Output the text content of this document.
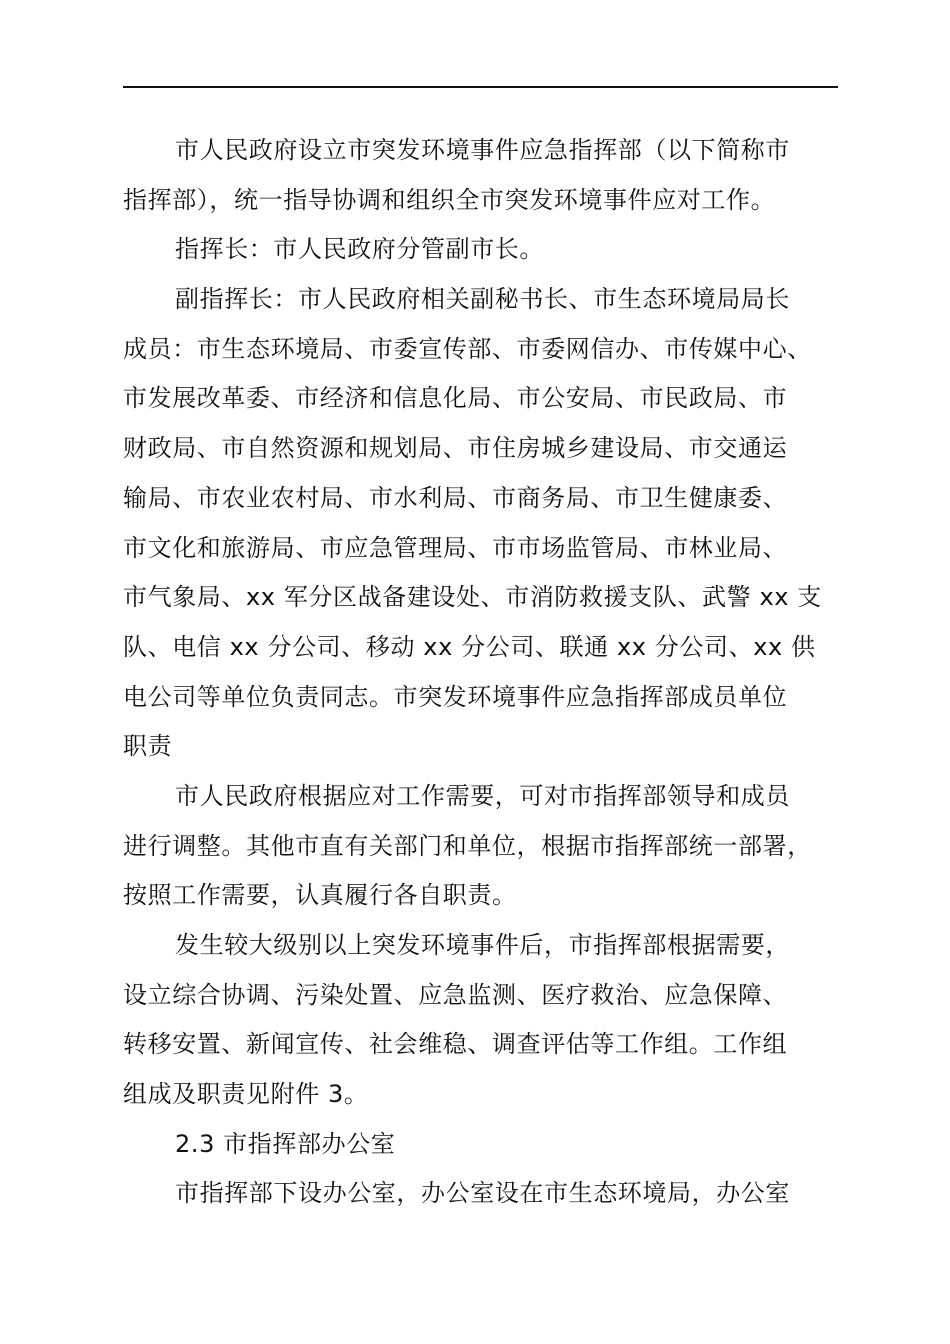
市人民政府设立市突发环境事件应急指挥部（以下简称市
指挥部），统一指导协调和组织全市突发环境事件应对工作。
指挥长：市人民政府分管副市长。
副指挥长：市人民政府相关副秘书长、市生态环境局局长
成员：市生态环境局、市委宣传部、市委网信办、市传媒中心、
市发展改革委、市经济和信息化局、市公安局、市民政局、市
财政局、市自然资源和规划局、市住房城乡建设局、市交通运
输局、市农业农村局、市水利局、市商务局、市卫生健康委、
市文化和旅游局、市应急管理局、市市场监管局、市林业局、
市气象局、xx 军分区战备建设处、市消防救援支队、武警 xx 支
队、电信 xx 分公司、移动 xx 分公司、联通 xx 分公司、xx 供
电公司等单位负责同志。市突发环境事件应急指挥部成员单位
职责
市人民政府根据应对工作需要，可对市指挥部领导和成员
进行调整。其他市直有关部门和单位，根据市指挥部统一部署，
按照工作需要，认真履行各自职责。
发生较大级别以上突发环境事件后，市指挥部根据需要，
设立综合协调、污染处置、应急监测、医疗救治、应急保障、
转移安置、新闻宣传、社会维稳、调查评估等工作组。工作组
组成及职责见附件 3。
2.3 市指挥部办公室
市指挥部下设办公室，办公室设在市生态环境局，办公室
